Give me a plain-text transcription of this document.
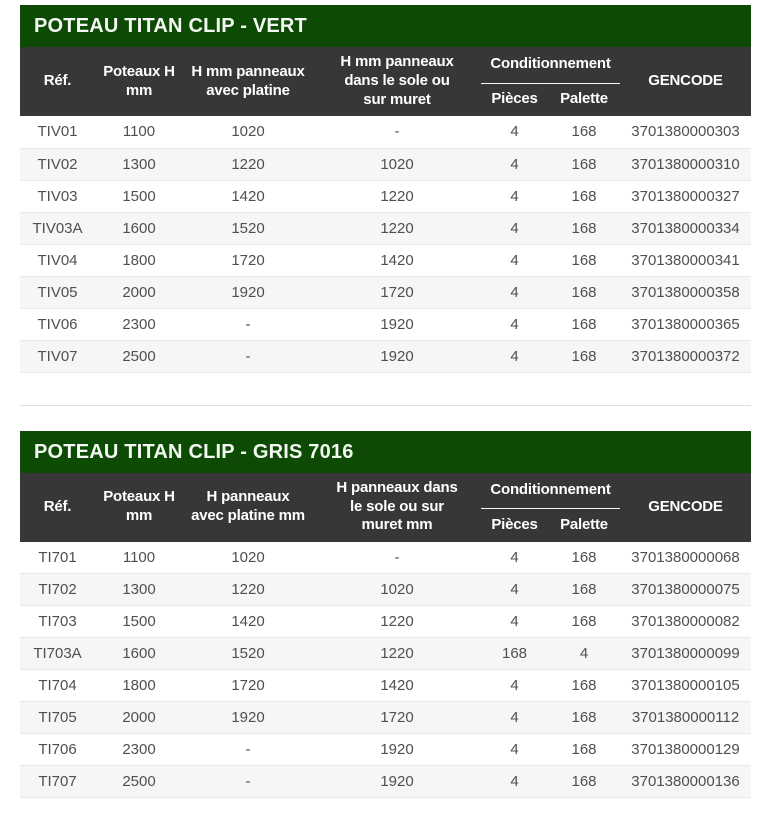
POTEAU TITAN CLIP - VERT
Réf.	Poteaux H mm	H mm panneaux avec platine	H mm panneaux dans le sole ou sur muret	Conditionnement		GENCODE
				Pièces	Palette	
TIV01	1100	1020	-	4	168	3701380000303
TIV02	1300	1220	1020	4	168	3701380000310
TIV03	1500	1420	1220	4	168	3701380000327
TIV03A	1600	1520	1220	4	168	3701380000334
TIV04	1800	1720	1420	4	168	3701380000341
TIV05	2000	1920	1720	4	168	3701380000358
TIV06	2300	-	1920	4	168	3701380000365
TIV07	2500	-	1920	4	168	3701380000372
POTEAU TITAN CLIP - GRIS 7016
Réf.	Poteaux H mm	H panneaux avec platine mm	H panneaux dans le sole ou sur muret mm	Conditionnement		GENCODE
				Pièces	Palette	
TI701	1100	1020	-	4	168	3701380000068
TI702	1300	1220	1020	4	168	3701380000075
TI703	1500	1420	1220	4	168	3701380000082
TI703A	1600	1520	1220	168	4	3701380000099
TI704	1800	1720	1420	4	168	3701380000105
TI705	2000	1920	1720	4	168	3701380000112
TI706	2300	-	1920	4	168	3701380000129
TI707	2500	-	1920	4	168	3701380000136
